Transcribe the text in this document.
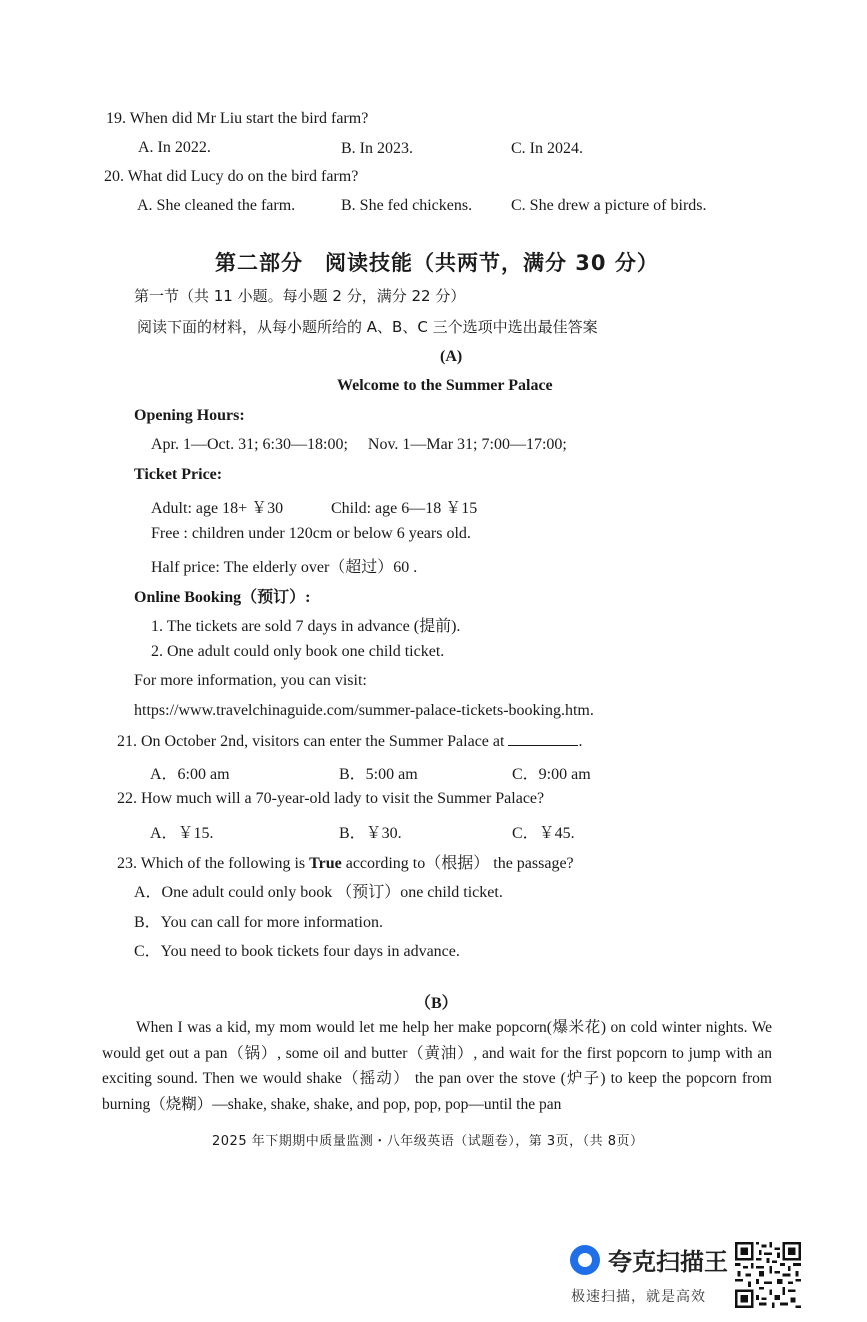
19. When did Mr Liu start the bird farm?
A. In 2022.	B. In 2023.	C. In 2024.
20. What did Lucy do on the bird farm?
A. She cleaned the farm.	B. She fed chickens. C. She drew a picture of birds.
第二部分　阅读技能（共两节，满分 30 分）
第一节（共 11 小题。每小题 2 分，满分 22 分）
阅读下面的材料，从每小题所给的 A、B、C 三个选项中选出最佳答案
(A)
Welcome to the Summer Palace
Opening Hours:
Apr. 1—Oct. 31; 6:30—18:00;     Nov. 1—Mar 31; 7:00—17:00;
Ticket Price:
Adult: age 18+ ￥30	Child: age 6—18 ￥15
Free : children under 120cm or below 6 years old.
Half price: The elderly over（超过）60 .
Online Booking（预订）:
1. The tickets are sold 7 days in advance (提前).
2. One adult could only book one child ticket.
For more information, you can visit:
https://www.travelchinaguide.com/summer-palace-tickets-booking.htm.
21. On October 2nd, visitors can enter the Summer Palace at	.
A．6:00 am	B．5:00 am	C．9:00 am
22. How much will a 70-year-old lady to visit the Summer Palace?
A．￥15.	B．￥30.	C．￥45.
23. Which of the following is True according to（根据） the passage?
A．One adult could only book （预订）one child ticket.
B．You can call for more information.
C．You need to book tickets four days in advance.
（B）
When I was a kid, my mom would let me help her make popcorn(爆米花) on cold winter nights. We would get out a pan（锅）, some oil and butter（黄油）, and wait for the first popcorn to jump with an exciting sound. Then we would shake（摇动） the pan over the stove (炉子) to keep the popcorn from burning（烧糊）—shake, shake, shake, and pop, pop, pop—until the pan
2025 年下期期中质量监测・八年级英语（试题卷），第 3页，（共 8页）
夸克扫描王
极速扫描，就是高效
